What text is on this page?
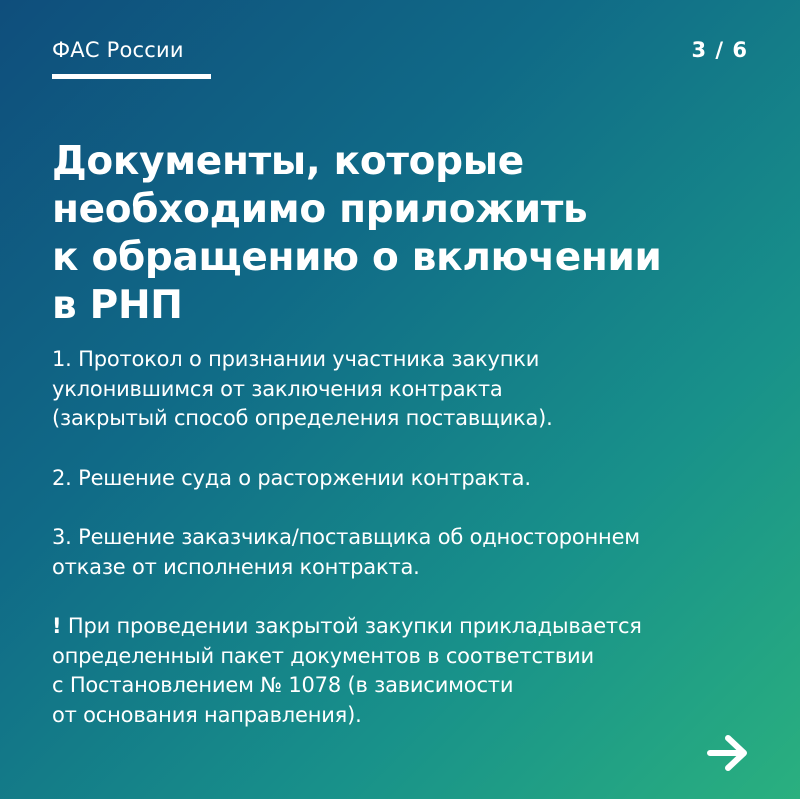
ФАС России	3 / 6
Документы, которые
необходимо приложить
к обращению о включении
в РНП

1. Протокол о признании участника закупки
уклонившимся от заключения контракта
(закрытый способ определения поставщика).

2. Решение суда о расторжении контракта.

3. Решение заказчика/поставщика об одностороннем
отказе от исполнения контракта.

! При проведении закрытой закупки прикладывается
определенный пакет документов в соответствии
с Постановлением № 1078 (в зависимости
от основания направления).
